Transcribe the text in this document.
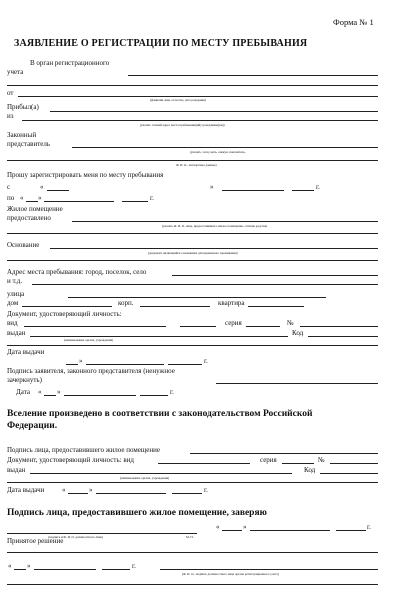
Форма № 1
ЗАЯВЛЕНИЕ О РЕГИСТРАЦИИ ПО МЕСТУ ПРЕБЫВАНИЯ
В орган регистрационного
учета
от
(фамилия, имя, отчество, дата рождения)
Прибыл(а)
из
(указать точный адрес места пребывания(ий) гражданина(ки))
Законный
представитель
(указать: отец, мать, опекун, попечитель,
Ф. И. О., паспортные данные)
Прошу зарегистрировать меня по месту пребывания
с	«	»	г.
по « »	г.
Жилое помещение
предоставлено
(указать Ф. И. О. лица, предоставившего жилое помещение, степень родства)
Основание
(документ, являющийся основанием для временного проживания)
Адрес места пребывания: город, поселок, село
и т.д.
улица
дом	корп.	квартира
Документ, удостоверяющий личность:
вид	серия	№
выдан	Код
(наименование органа, учреждения)
Дата выдачи
»	г.
Подпись заявителя, законного представителя (ненужное
зачеркнуть)
Дата « »	г.
Вселение произведено в соответствии с законодательством Российской
Федерации.
Подпись лица, предоставившего жилое помещение
Документ, удостоверяющий личность: вид	серия	№
выдан	Код
(наименование органа, учреждения)
Дата выдачи	«	»	г.
Подпись лица, предоставившего жилое помещение, заверяю
(подпись и Ф. И. О. должностного лица)	М. П.
«	»	г.
Принятое решение
« »	г.
(Ф. И. О., подпись должностного лица органа регистрационного учета)
